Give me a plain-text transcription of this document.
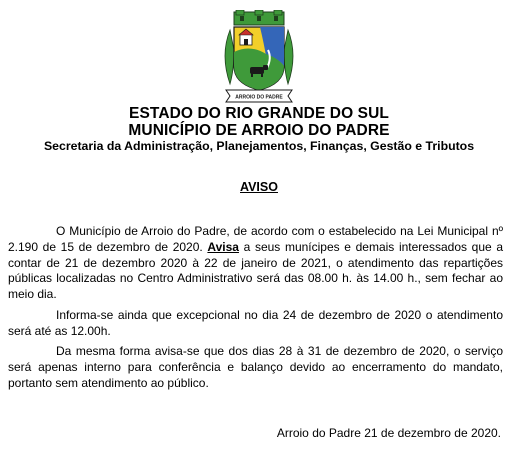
ARROIO DO PADRE
ESTADO DO RIO GRANDE DO SUL
MUNICÍPIO DE ARROIO DO PADRE
Secretaria da Administração, Planejamentos, Finanças, Gestão e Tributos
AVISO
O Município de Arroio do Padre, de acordo com o estabelecido na Lei Municipal nº 2.190 de 15 de dezembro de 2020. Avisa a seus munícipes e demais interessados que a contar de 21 de dezembro 2020 à 22 de janeiro de 2021, o atendimento das repartições públicas localizadas no Centro Administrativo será das 08.00 h. às 14.00 h., sem fechar ao meio dia.
Informa-se ainda que excepcional no dia 24 de dezembro de 2020 o atendimento será até as 12.00h.
Da mesma forma avisa-se que dos dias 28 à 31 de dezembro de 2020, o serviço será apenas interno para conferência e balanço devido ao encerramento do mandato, portanto sem atendimento ao público.
Arroio do Padre 21 de dezembro de 2020.
